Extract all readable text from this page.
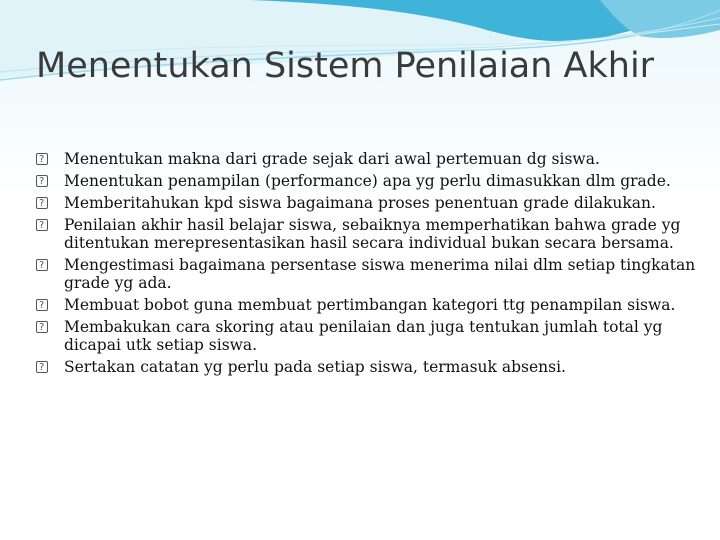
Menentukan Sistem Penilaian Akhir
?
Menentukan makna dari grade sejak dari awal pertemuan dg siswa.
?
Menentukan penampilan (performance) apa yg perlu dimasukkan dlm grade.
?
Memberitahukan kpd siswa bagaimana proses penentuan grade dilakukan.
?
Penilaian akhir hasil belajar siswa, sebaiknya memperhatikan bahwa grade yg ditentukan merepresentasikan hasil secara individual bukan secara bersama.
?
Mengestimasi bagaimana persentase siswa menerima nilai dlm setiap tingkatan grade yg ada.
?
Membuat bobot guna membuat pertimbangan kategori ttg penampilan siswa.
?
Membakukan cara skoring atau penilaian dan juga tentukan jumlah total yg dicapai utk setiap siswa.
?
Sertakan catatan yg perlu pada setiap siswa, termasuk absensi.
